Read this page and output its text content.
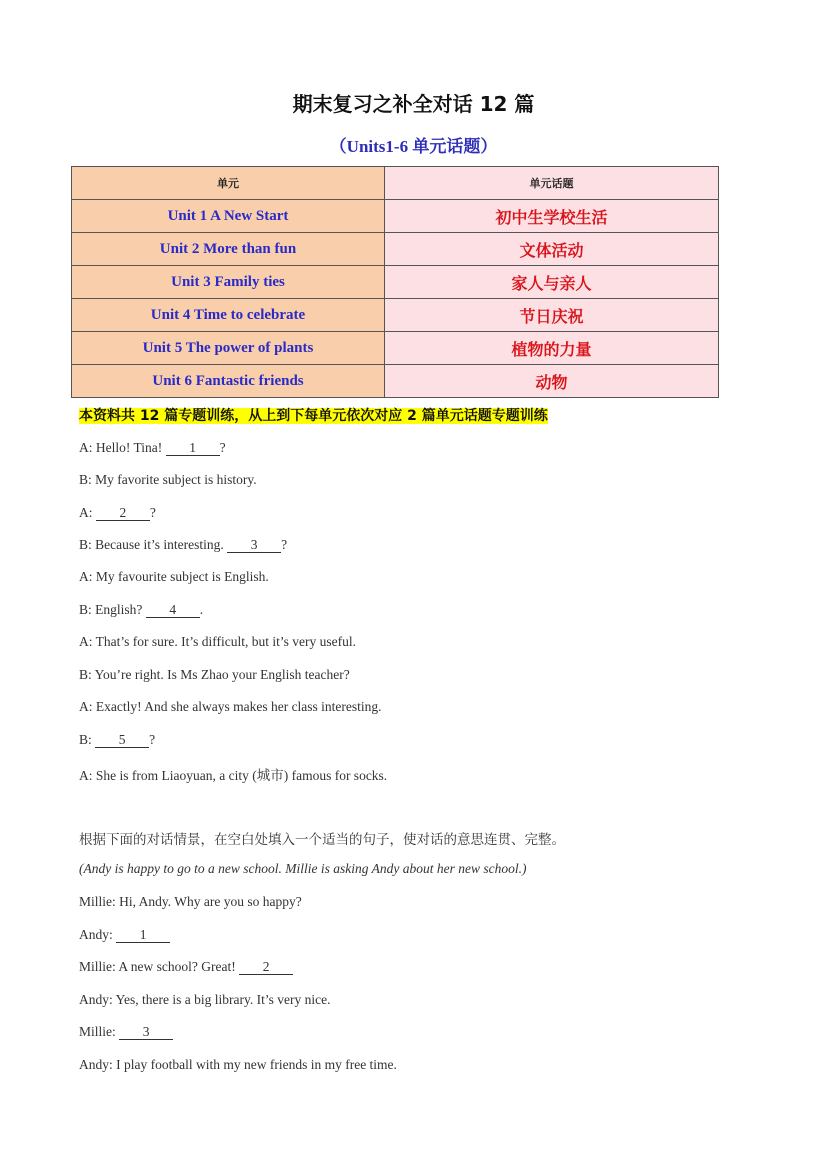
期末复习之补全对话 12 篇
（Units1-6 单元话题）
单元	单元话题
Unit 1 A New Start	初中生学校生活
Unit 2 More than fun	文体活动
Unit 3 Family ties	家人与亲人
Unit 4 Time to celebrate	节日庆祝
Unit 5 The power of plants	植物的力量
Unit 6 Fantastic friends	动物
本资料共 12 篇专题训练，从上到下每单元依次对应 2 篇单元话题专题训练
A: Hello! Tina! 1 ?
B: My favorite subject is history.
A: 2 ?
B: Because it’s interesting. 3 ?
A: My favourite subject is English.
B: English? 4 .
A: That’s for sure. It’s difficult, but it’s very useful.
B: You’re right. Is Ms Zhao your English teacher?
A: Exactly! And she always makes her class interesting.
B: 5 ?
A: She is from Liaoyuan, a city (城市) famous for socks.
根据下面的对话情景，在空白处填入一个适当的句子，使对话的意思连贯、完整。
(Andy is happy to go to a new school. Millie is asking Andy about her new school.)
Millie: Hi, Andy. Why are you so happy?
Andy: 1
Millie: A new school? Great! 2
Andy: Yes, there is a big library. It’s very nice.
Millie: 3
Andy: I play football with my new friends in my free time.
